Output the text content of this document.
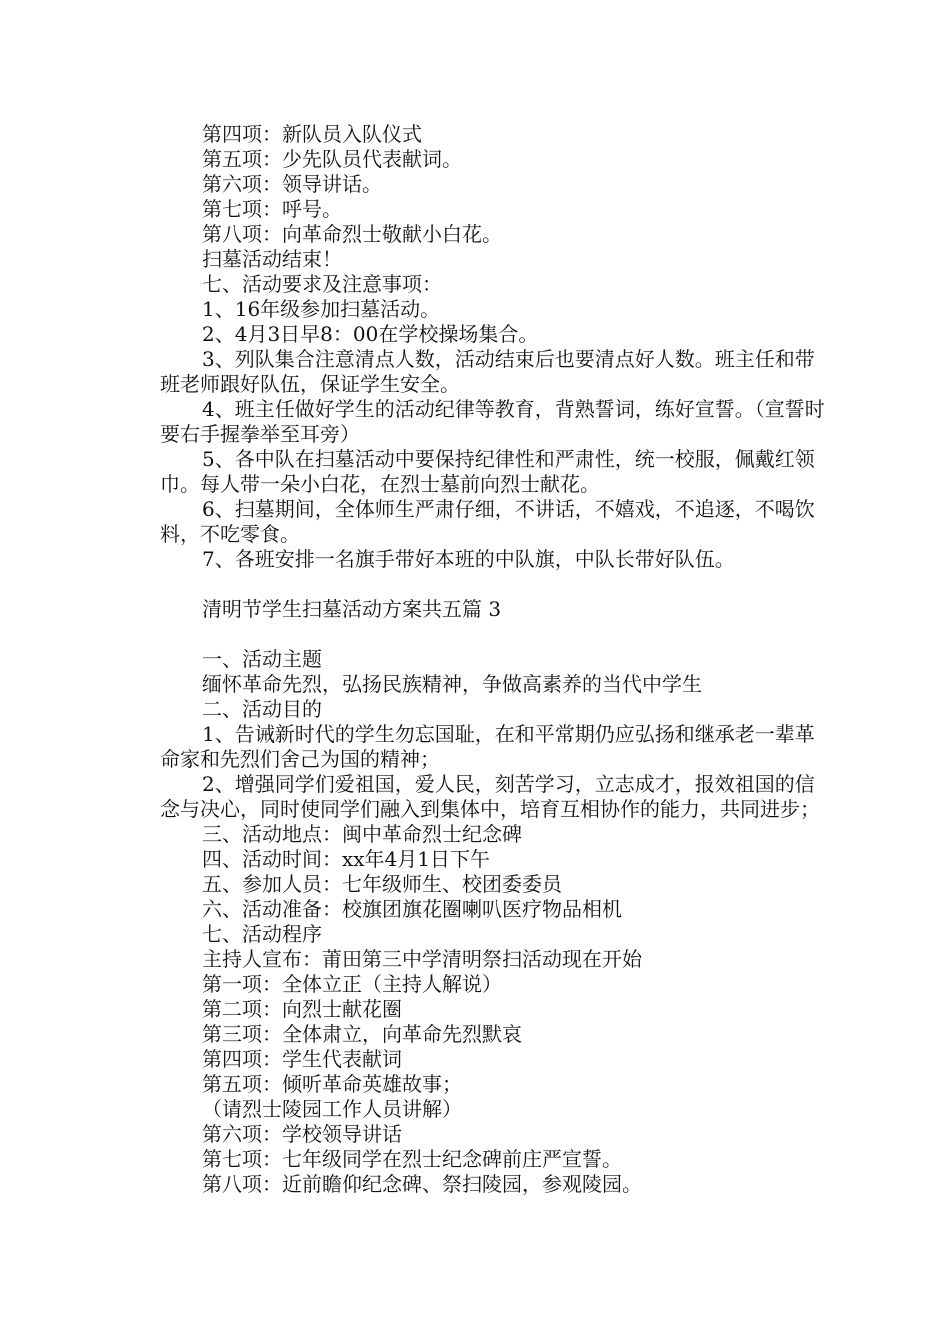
第四项：新队员入队仪式

第五项：少先队员代表献词。

第六项：领导讲话。

第七项：呼号。

第八项：向革命烈士敬献小白花。

扫墓活动结束！

七、活动要求及注意事项：

1、16年级参加扫墓活动。

2、4月3日早8：00在学校操场集合。

3、列队集合注意清点人数，活动结束后也要清点好人数。班主任和带班老师跟好队伍，保证学生安全。

4、班主任做好学生的活动纪律等教育，背熟誓词，练好宣誓。（宣誓时要右手握拳举至耳旁）

5、各中队在扫墓活动中要保持纪律性和严肃性，统一校服，佩戴红领巾。每人带一朵小白花，在烈士墓前向烈士献花。

6、扫墓期间，全体师生严肃仔细，不讲话，不嬉戏，不追逐，不喝饮料，不吃零食。

7、各班安排一名旗手带好本班的中队旗，中队长带好队伍。

清明节学生扫墓活动方案共五篇 3

一、活动主题

缅怀革命先烈，弘扬民族精神，争做高素养的当代中学生

二、活动目的

1、告诫新时代的学生勿忘国耻，在和平常期仍应弘扬和继承老一辈革命家和先烈们舍己为国的精神；

2、增强同学们爱祖国，爱人民，刻苦学习，立志成才，报效祖国的信念与决心，同时使同学们融入到集体中，培育互相协作的能力，共同进步；

三、活动地点：闽中革命烈士纪念碑

四、活动时间：xx年4月1日下午

五、参加人员：七年级师生、校团委委员

六、活动准备：校旗团旗花圈喇叭医疗物品相机

七、活动程序

主持人宣布：莆田第三中学清明祭扫活动现在开始

第一项：全体立正（主持人解说）

第二项：向烈士献花圈

第三项：全体肃立，向革命先烈默哀

第四项：学生代表献词

第五项：倾听革命英雄故事；

（请烈士陵园工作人员讲解）

第六项：学校领导讲话

第七项：七年级同学在烈士纪念碑前庄严宣誓。

第八项：近前瞻仰纪念碑、祭扫陵园，参观陵园。
